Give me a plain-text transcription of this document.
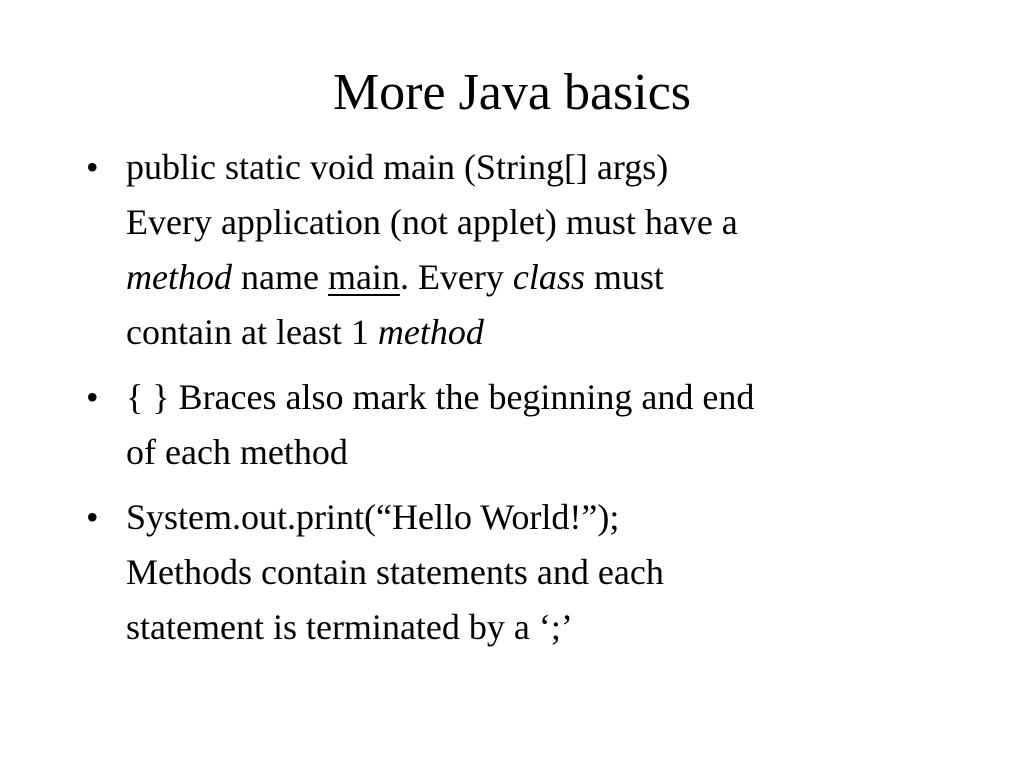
More Java basics
• public static void main (String[] args)
Every application (not applet) must have a
method name main. Every class must
contain at least 1 method
• { } Braces also mark the beginning and end
of each method
• System.out.print(“Hello World!”);
Methods contain statements and each
statement is terminated by a ‘;’
